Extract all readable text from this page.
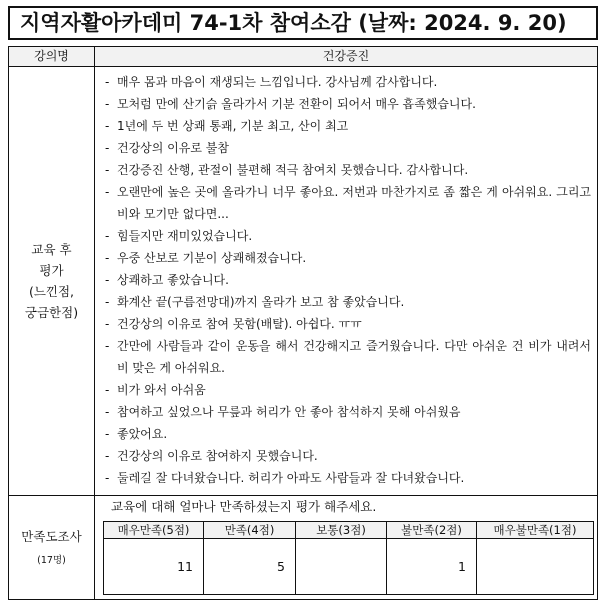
지역자활아카데미 74-1차 참여소감 (날짜: 2024. 9. 20)
강의명	건강증진
교육 후
평가
(느낀점,
궁금한점)
- 매우 몸과 마음이 재생되는 느낌입니다. 강사님께 감사합니다.
- 모처럼 만에 산기슭 올라가서 기분 전환이 되어서 매우 흡족했습니다.
- 1년에 두 번 상쾌 통쾌, 기분 최고, 산이 최고
- 건강상의 이유로 불참
- 건강증진 산행, 관절이 불편해 적극 참여치 못했습니다. 감사합니다.
- 오랜만에 높은 곳에 올라가니 너무 좋아요. 저번과 마찬가지로 좀 짧은 게 아쉬워요. 그리고 비와 모기만 없다면...
- 힘들지만 재미있었습니다.
- 우중 산보로 기분이 상쾌해졌습니다.
- 상쾌하고 좋았습니다.
- 화계산 끝(구름전망대)까지 올라가 보고 참 좋았습니다.
- 건강상의 이유로 참여 못함(배탈). 아쉽다. ㅠㅠ
- 간만에 사람들과 같이 운동을 해서 건강해지고 즐거웠습니다. 다만 아쉬운 건 비가 내려서 비 맞은 게 아쉬워요.
- 비가 와서 아쉬움
- 참여하고 싶었으나 무릎과 허리가 안 좋아 참석하지 못해 아쉬웠음
- 좋았어요.
- 건강상의 이유로 참여하지 못했습니다.
- 둘레길 잘 다녀왔습니다. 허리가 아파도 사람들과 잘 다녀왔습니다.
만족도조사
(17명)
교육에 대해 얼마나 만족하셨는지 평가 해주세요.
매우만족(5점)
11
만족(4점)
5
보통(3점)	불만족(2점)
1
매우불만족(1점)
